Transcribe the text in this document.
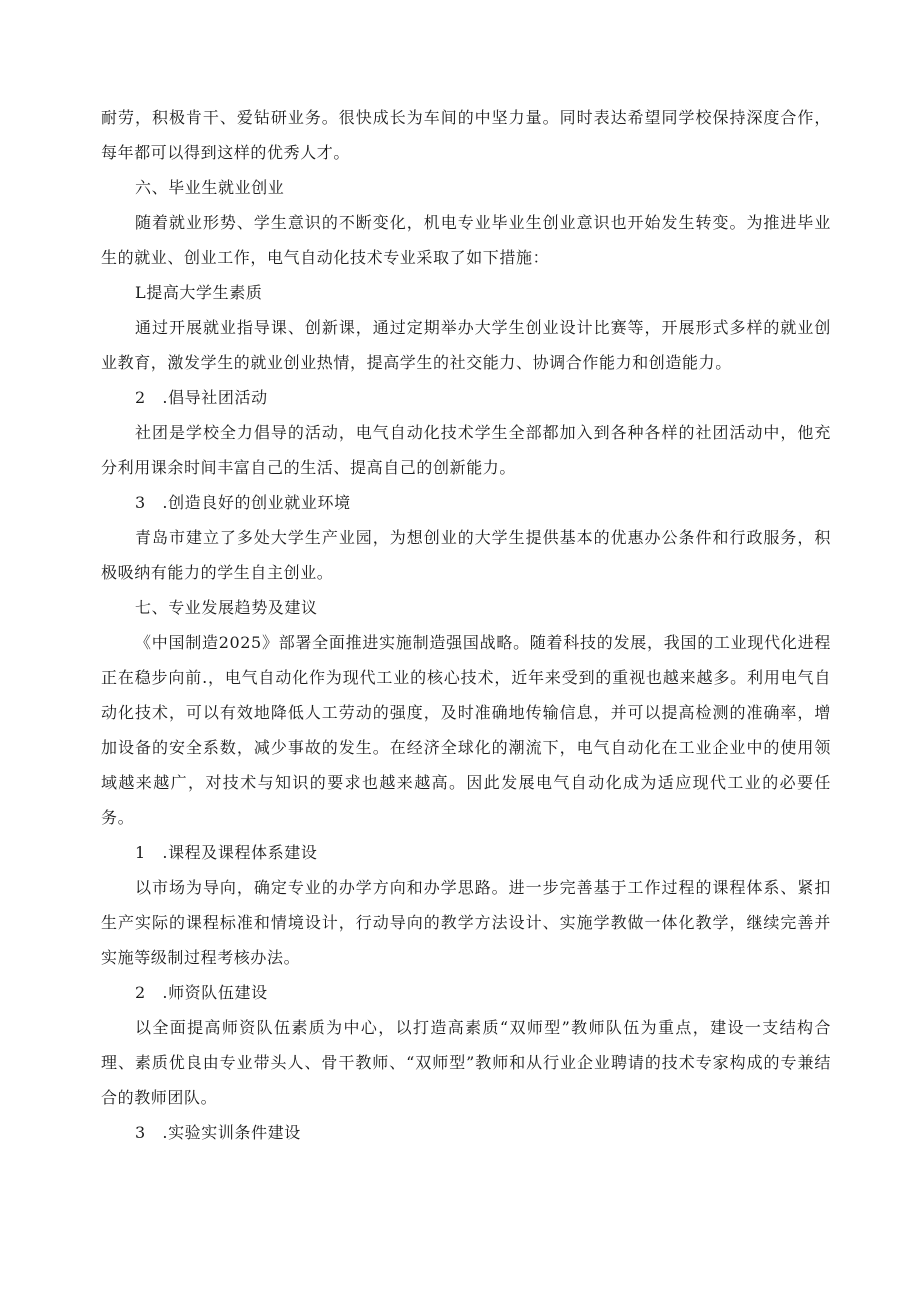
耐劳，积极肯干、爱钻研业务。很快成长为车间的中坚力量。同时表达希望同学校保持深度合作，每年都可以得到这样的优秀人才。

六、毕业生就业创业

随着就业形势、学生意识的不断变化，机电专业毕业生创业意识也开始发生转变。为推进毕业生的就业、创业工作，电气自动化技术专业采取了如下措施：

L提高大学生素质

通过开展就业指导课、创新课，通过定期举办大学生创业设计比赛等，开展形式多样的就业创业教育，激发学生的就业创业热情，提高学生的社交能力、协调合作能力和创造能力。

2　.倡导社团活动

社团是学校全力倡导的活动，电气自动化技术学生全部都加入到各种各样的社团活动中，他充分利用课余时间丰富自己的生活、提高自己的创新能力。

3　.创造良好的创业就业环境

青岛市建立了多处大学生产业园，为想创业的大学生提供基本的优惠办公条件和行政服务，积极吸纳有能力的学生自主创业。

七、专业发展趋势及建议

《中国制造2025》部署全面推进实施制造强国战略。随着科技的发展，我国的工业现代化进程正在稳步向前.，电气自动化作为现代工业的核心技术，近年来受到的重视也越来越多。利用电气自动化技术，可以有效地降低人工劳动的强度，及时准确地传输信息，并可以提高检测的准确率，增加设备的安全系数，减少事故的发生。在经济全球化的潮流下，电气自动化在工业企业中的使用领域越来越广，对技术与知识的要求也越来越高。因此发展电气自动化成为适应现代工业的必要任务。

1　.课程及课程体系建设

以市场为导向，确定专业的办学方向和办学思路。进一步完善基于工作过程的课程体系、紧扣生产实际的课程标准和情境设计，行动导向的教学方法设计、实施学教做一体化教学，继续完善并实施等级制过程考核办法。

2　.师资队伍建设

以全面提高师资队伍素质为中心，以打造高素质“双师型”教师队伍为重点，建设一支结构合理、素质优良由专业带头人、骨干教师、“双师型”教师和从行业企业聘请的技术专家构成的专兼结合的教师团队。

3　.实验实训条件建设
